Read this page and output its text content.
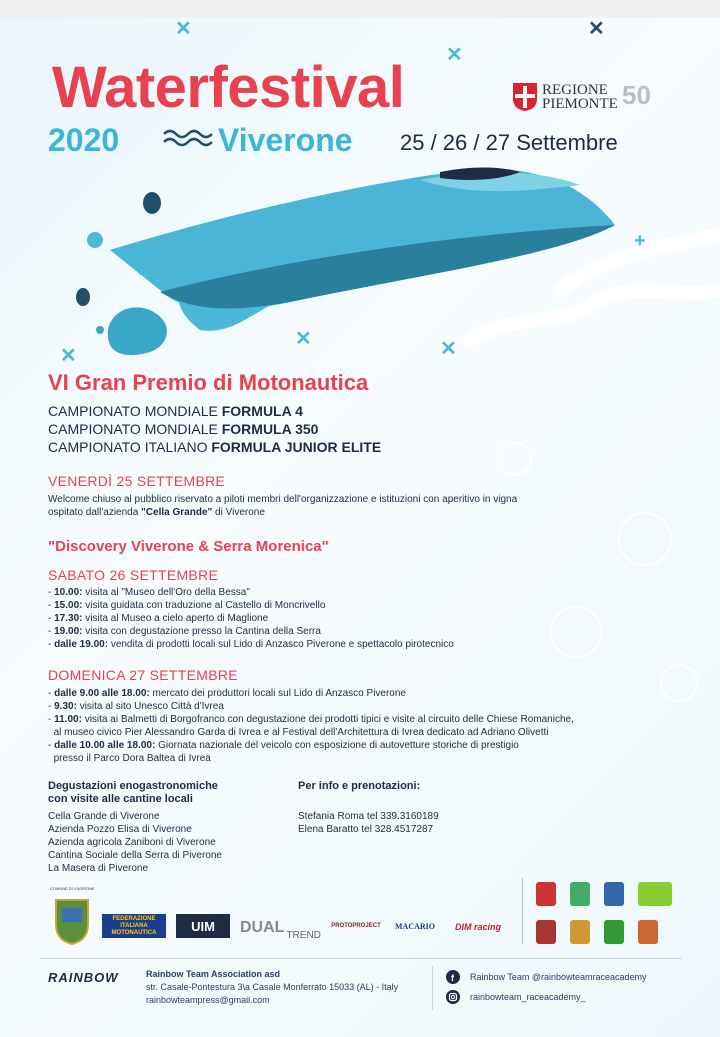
✕	✕
✕
+
✕	✕
✕
Waterfestival
2020	Viverone 25 / 26 / 27 Settembre
REGIONE
PIEMONTE 50
VI Gran Premio di Motonautica
CAMPIONATO MONDIALE FORMULA 4
CAMPIONATO MONDIALE FORMULA 350
CAMPIONATO ITALIANO FORMULA JUNIOR ELITE
VENERDÌ 25 SETTEMBRE
Welcome chiuso al pubblico riservato a piloti membri dell'organizzazione e istituzioni con aperitivo in vigna
ospitato dall'azienda "Cella Grande" di Viverone
"Discovery Viverone & Serra Morenica"
SABATO 26 SETTEMBRE
- 10.00: visita al "Museo dell'Oro della Bessa"
- 15.00: visita guidata con traduzione al Castello di Moncrivello
- 17.30: visita al Museo a cielo aperto di Maglione
- 19.00: visita con degustazione presso la Cantina della Serra
- dalle 19.00: vendita di prodotti locali sul Lido di Anzasco Piverone e spettacolo pirotecnico
DOMENICA 27 SETTEMBRE
- dalle 9.00 alle 18.00: mercato dei produttori locali sul Lido di Anzasco Piverone
- 9.30: visita al sito Unesco Città d'Ivrea
- 11.00: visita ai Balmetti di Borgofranco con degustazione dei prodotti tipici e visite al circuito delle Chiese Romaniche,
al museo civico Pier Alessandro Garda di Ivrea e al Festival dell'Architettura di Ivrea dedicato ad Adriano Olivetti
- dalle 10.00 alle 18.00: Giornata nazionale del veicolo con esposizione di autovetture storiche di prestigio
presso il Parco Dora Baltea di Ivrea
Degustazioni enogastronomiche
con visite alle cantine locali
Cella Grande di Viverone
Azienda Pozzo Elisa di Viverone
Azienda agricola Zaniboni di Viverone
Cantina Sociale della Serra di Piverone
La Masera di Piverone
Per info e prenotazioni:
Stefania Roma tel 339.3160189
Elena Baratto tel 328.4517287
COMUNE DI VIVERONE
FEDERAZIONE ITALIANA MOTONAUTICA	UIM	DUAL TREND
PROTOPROJECT	MACARIO	DIM racing
RAINBOW	Rainbow Team Association asd
str. Casale-Pontestura 3\a Casale Monferrato 15033 (AL) - Italy
rainbowteampress@gmail.com
f Rainbow Team @rainbowteamraceacademy
rainbowteam_raceacademy_
